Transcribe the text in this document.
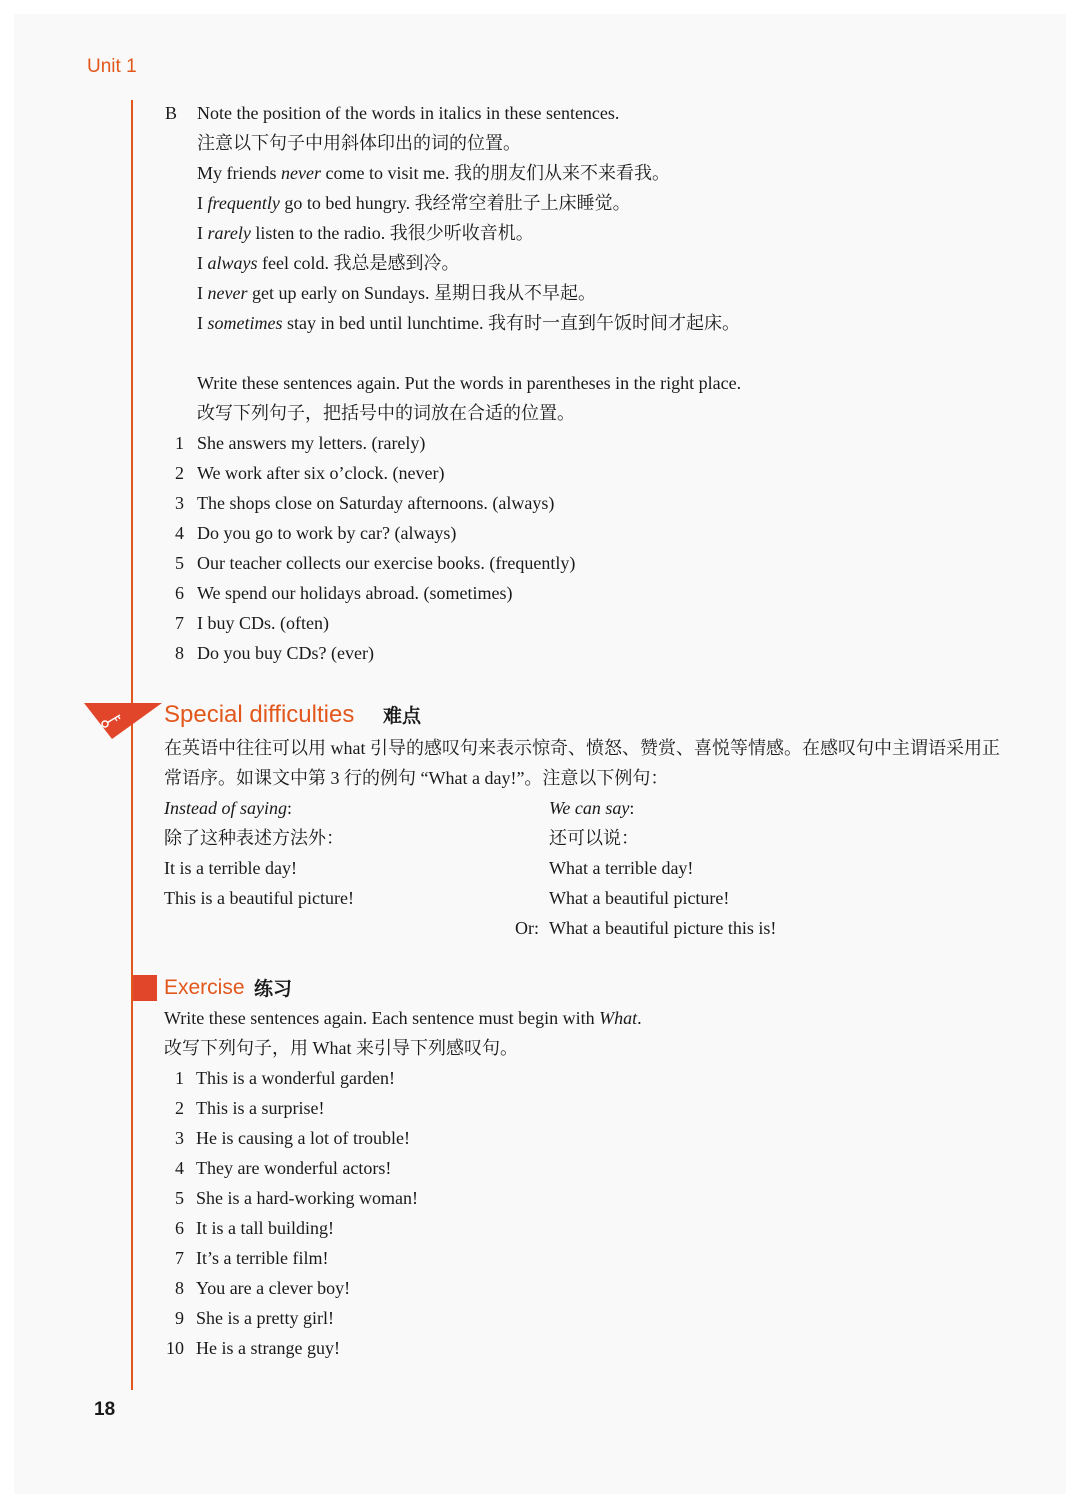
Unit 1
B Note the position of the words in italics in these sentences.
注意以下句子中用斜体印出的词的位置。
My friends never come to visit me. 我的朋友们从来不来看我。
I frequently go to bed hungry. 我经常空着肚子上床睡觉。
I rarely listen to the radio. 我很少听收音机。
I always feel cold. 我总是感到冷。
I never get up early on Sundays. 星期日我从不早起。
I sometimes stay in bed until lunchtime. 我有时一直到午饭时间才起床。
Write these sentences again. Put the words in parentheses in the right place.
改写下列句子，把括号中的词放在合适的位置。
1 She answers my letters. (rarely)
2 We work after six o’clock. (never)
3 The shops close on Saturday afternoons. (always)
4 Do you go to work by car? (always)
5 Our teacher collects our exercise books. (frequently)
6 We spend our holidays abroad. (sometimes)
7 I buy CDs. (often)
8 Do you buy CDs? (ever)
Special difficulties 难点
在英语中往往可以用 what 引导的感叹句来表示惊奇、愤怒、赞赏、喜悦等情感。在感叹句中主谓语采用正
常语序。如课文中第 3 行的例句 “What a day!”。注意以下例句：
Instead of saying:
除了这种表述方法外：
It is a terrible day!
This is a beautiful picture!
We can say:
还可以说：
What a terrible day!
What a beautiful picture!
Or: What a beautiful picture this is!
Exercise 练习
Write these sentences again. Each sentence must begin with What.
改写下列句子，用 What 来引导下列感叹句。
1 This is a wonderful garden!
2 This is a surprise!
3 He is causing a lot of trouble!
4 They are wonderful actors!
5 She is a hard-working woman!
6 It is a tall building!
7 It’s a terrible film!
8 You are a clever boy!
9 She is a pretty girl!
10 He is a strange guy!
18
